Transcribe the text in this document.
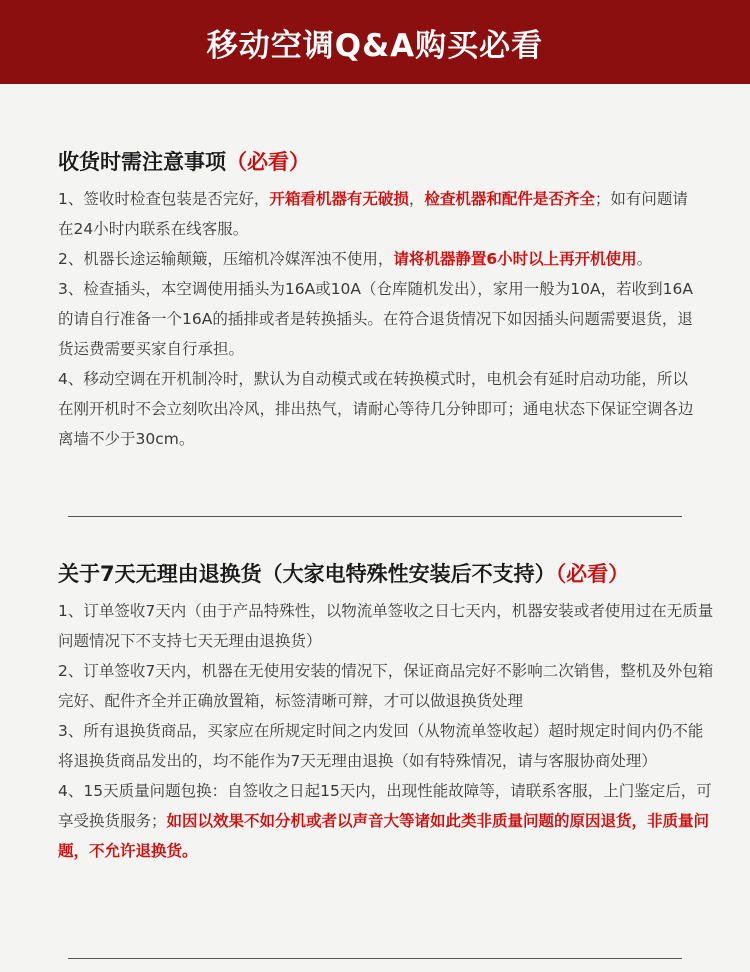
移动空调Q&A购买必看
收货时需注意事项（必看）

1、签收时检查包装是否完好，开箱看机器有无破损，检查机器和配件是否齐全；如有问题请在24小时内联系在线客服。

2、机器长途运输颠簸，压缩机冷媒浑浊不使用，请将机器静置6小时以上再开机使用。

3、检查插头，本空调使用插头为16A或10A（仓库随机发出），家用一般为10A，若收到16A的请自行准备一个16A的插排或者是转换插头。在符合退货情况下如因插头问题需要退货，退货运费需要买家自行承担。

4、移动空调在开机制冷时，默认为自动模式或在转换模式时，电机会有延时启动功能，所以在刚开机时不会立刻吹出冷风，排出热气，请耐心等待几分钟即可；通电状态下保证空调各边离墙不少于30cm。

关于7天无理由退换货（大家电特殊性安装后不支持）（必看）

1、订单签收7天内（由于产品特殊性，以物流单签收之日七天内，机器安装或者使用过在无质量问题情况下不支持七天无理由退换货）

2、订单签收7天内，机器在无使用安装的情况下，保证商品完好不影响二次销售，整机及外包箱完好、配件齐全并正确放置箱，标签清晰可辩，才可以做退换货处理

3、所有退换货商品，买家应在所规定时间之内发回（从物流单签收起）超时规定时间内仍不能将退换货商品发出的，均不能作为7天无理由退换（如有特殊情况，请与客服协商处理）

4、15天质量问题包换：自签收之日起15天内，出现性能故障等，请联系客服，上门鉴定后，可享受换货服务；如因以效果不如分机或者以声音大等诸如此类非质量问题的原因退货，非质量问题，不允许退换货。
